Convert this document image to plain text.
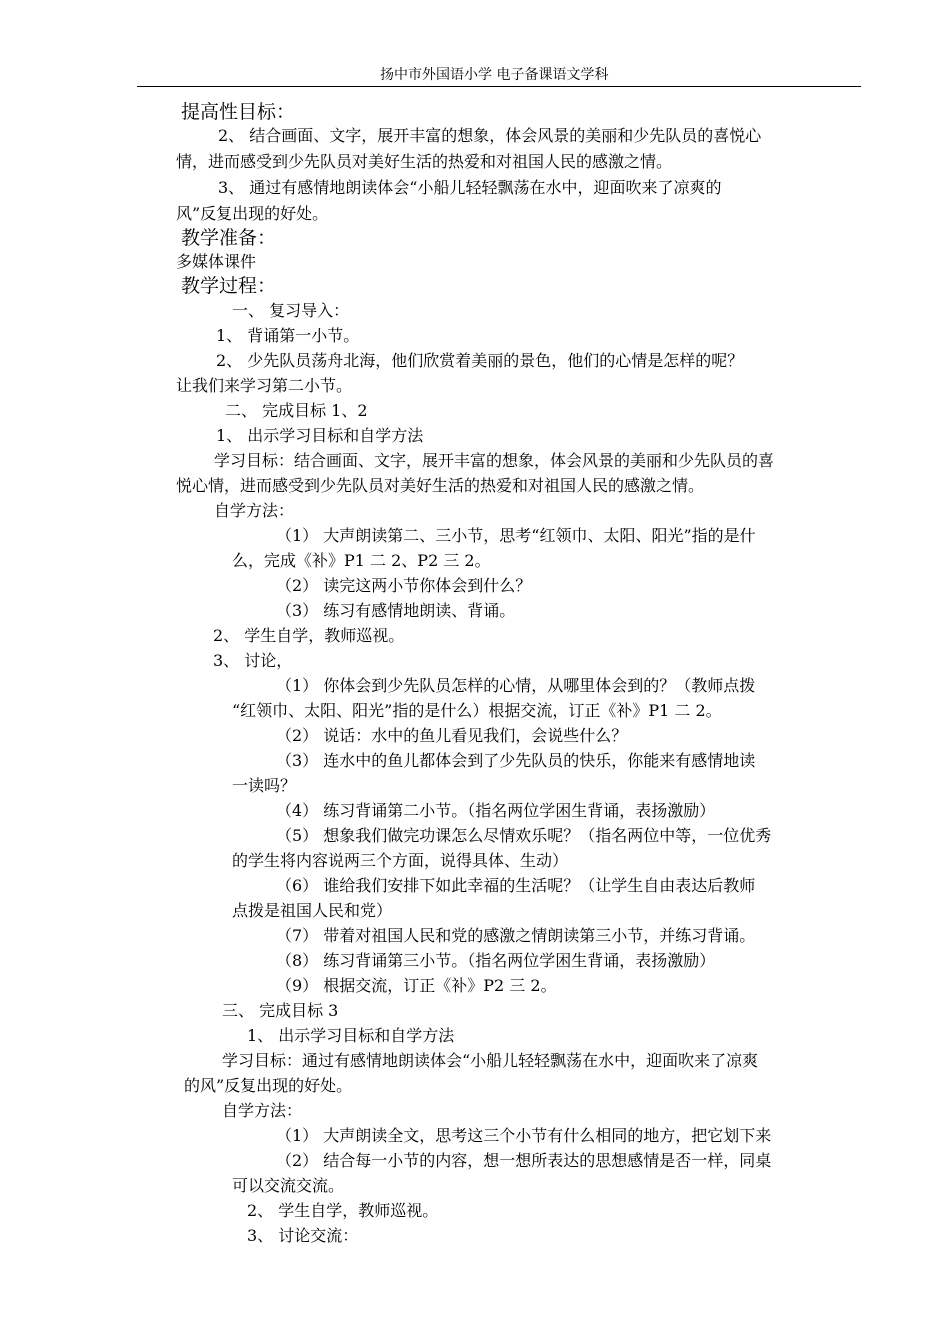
扬中市外国语小学 电子备课语文学科
提高性目标：
2、 结合画面、文字，展开丰富的想象，体会风景的美丽和少先队员的喜悦心
情，进而感受到少先队员对美好生活的热爱和对祖国人民的感激之情。
3、 通过有感情地朗读体会“小船儿轻轻飘荡在水中，迎面吹来了凉爽的
风”反复出现的好处。
教学准备：
多媒体课件
教学过程：
一、 复习导入：
1、 背诵第一小节。
2、 少先队员荡舟北海，他们欣赏着美丽的景色，他们的心情是怎样的呢？
让我们来学习第二小节。
二、 完成目标 1、2
1、 出示学习目标和自学方法
学习目标：结合画面、文字，展开丰富的想象，体会风景的美丽和少先队员的喜
悦心情，进而感受到少先队员对美好生活的热爱和对祖国人民的感激之情。
自学方法：
（1） 大声朗读第二、三小节，思考“红领巾、太阳、阳光”指的是什
么，完成《补》P1 二 2、P2 三 2。
（2） 读完这两小节你体会到什么？
（3） 练习有感情地朗读、背诵。
2、 学生自学，教师巡视。
3、 讨论，
（1） 你体会到少先队员怎样的心情，从哪里体会到的？（教师点拨
“红领巾、太阳、阳光”指的是什么）根据交流，订正《补》P1 二 2。
（2） 说话：水中的鱼儿看见我们，会说些什么？
（3） 连水中的鱼儿都体会到了少先队员的快乐，你能来有感情地读
一读吗？
（4） 练习背诵第二小节。（指名两位学困生背诵，表扬激励）
（5） 想象我们做完功课怎么尽情欢乐呢？（指名两位中等，一位优秀
的学生将内容说两三个方面，说得具体、生动）
（6） 谁给我们安排下如此幸福的生活呢？（让学生自由表达后教师
点拨是祖国人民和党）
（7） 带着对祖国人民和党的感激之情朗读第三小节，并练习背诵。
（8） 练习背诵第三小节。（指名两位学困生背诵，表扬激励）
（9） 根据交流，订正《补》P2 三 2。
三、 完成目标 3
1、 出示学习目标和自学方法
学习目标：通过有感情地朗读体会“小船儿轻轻飘荡在水中，迎面吹来了凉爽
的风”反复出现的好处。
自学方法：
（1） 大声朗读全文，思考这三个小节有什么相同的地方，把它划下来
（2） 结合每一小节的内容，想一想所表达的思想感情是否一样，同桌
可以交流交流。
2、 学生自学，教师巡视。
3、 讨论交流：
